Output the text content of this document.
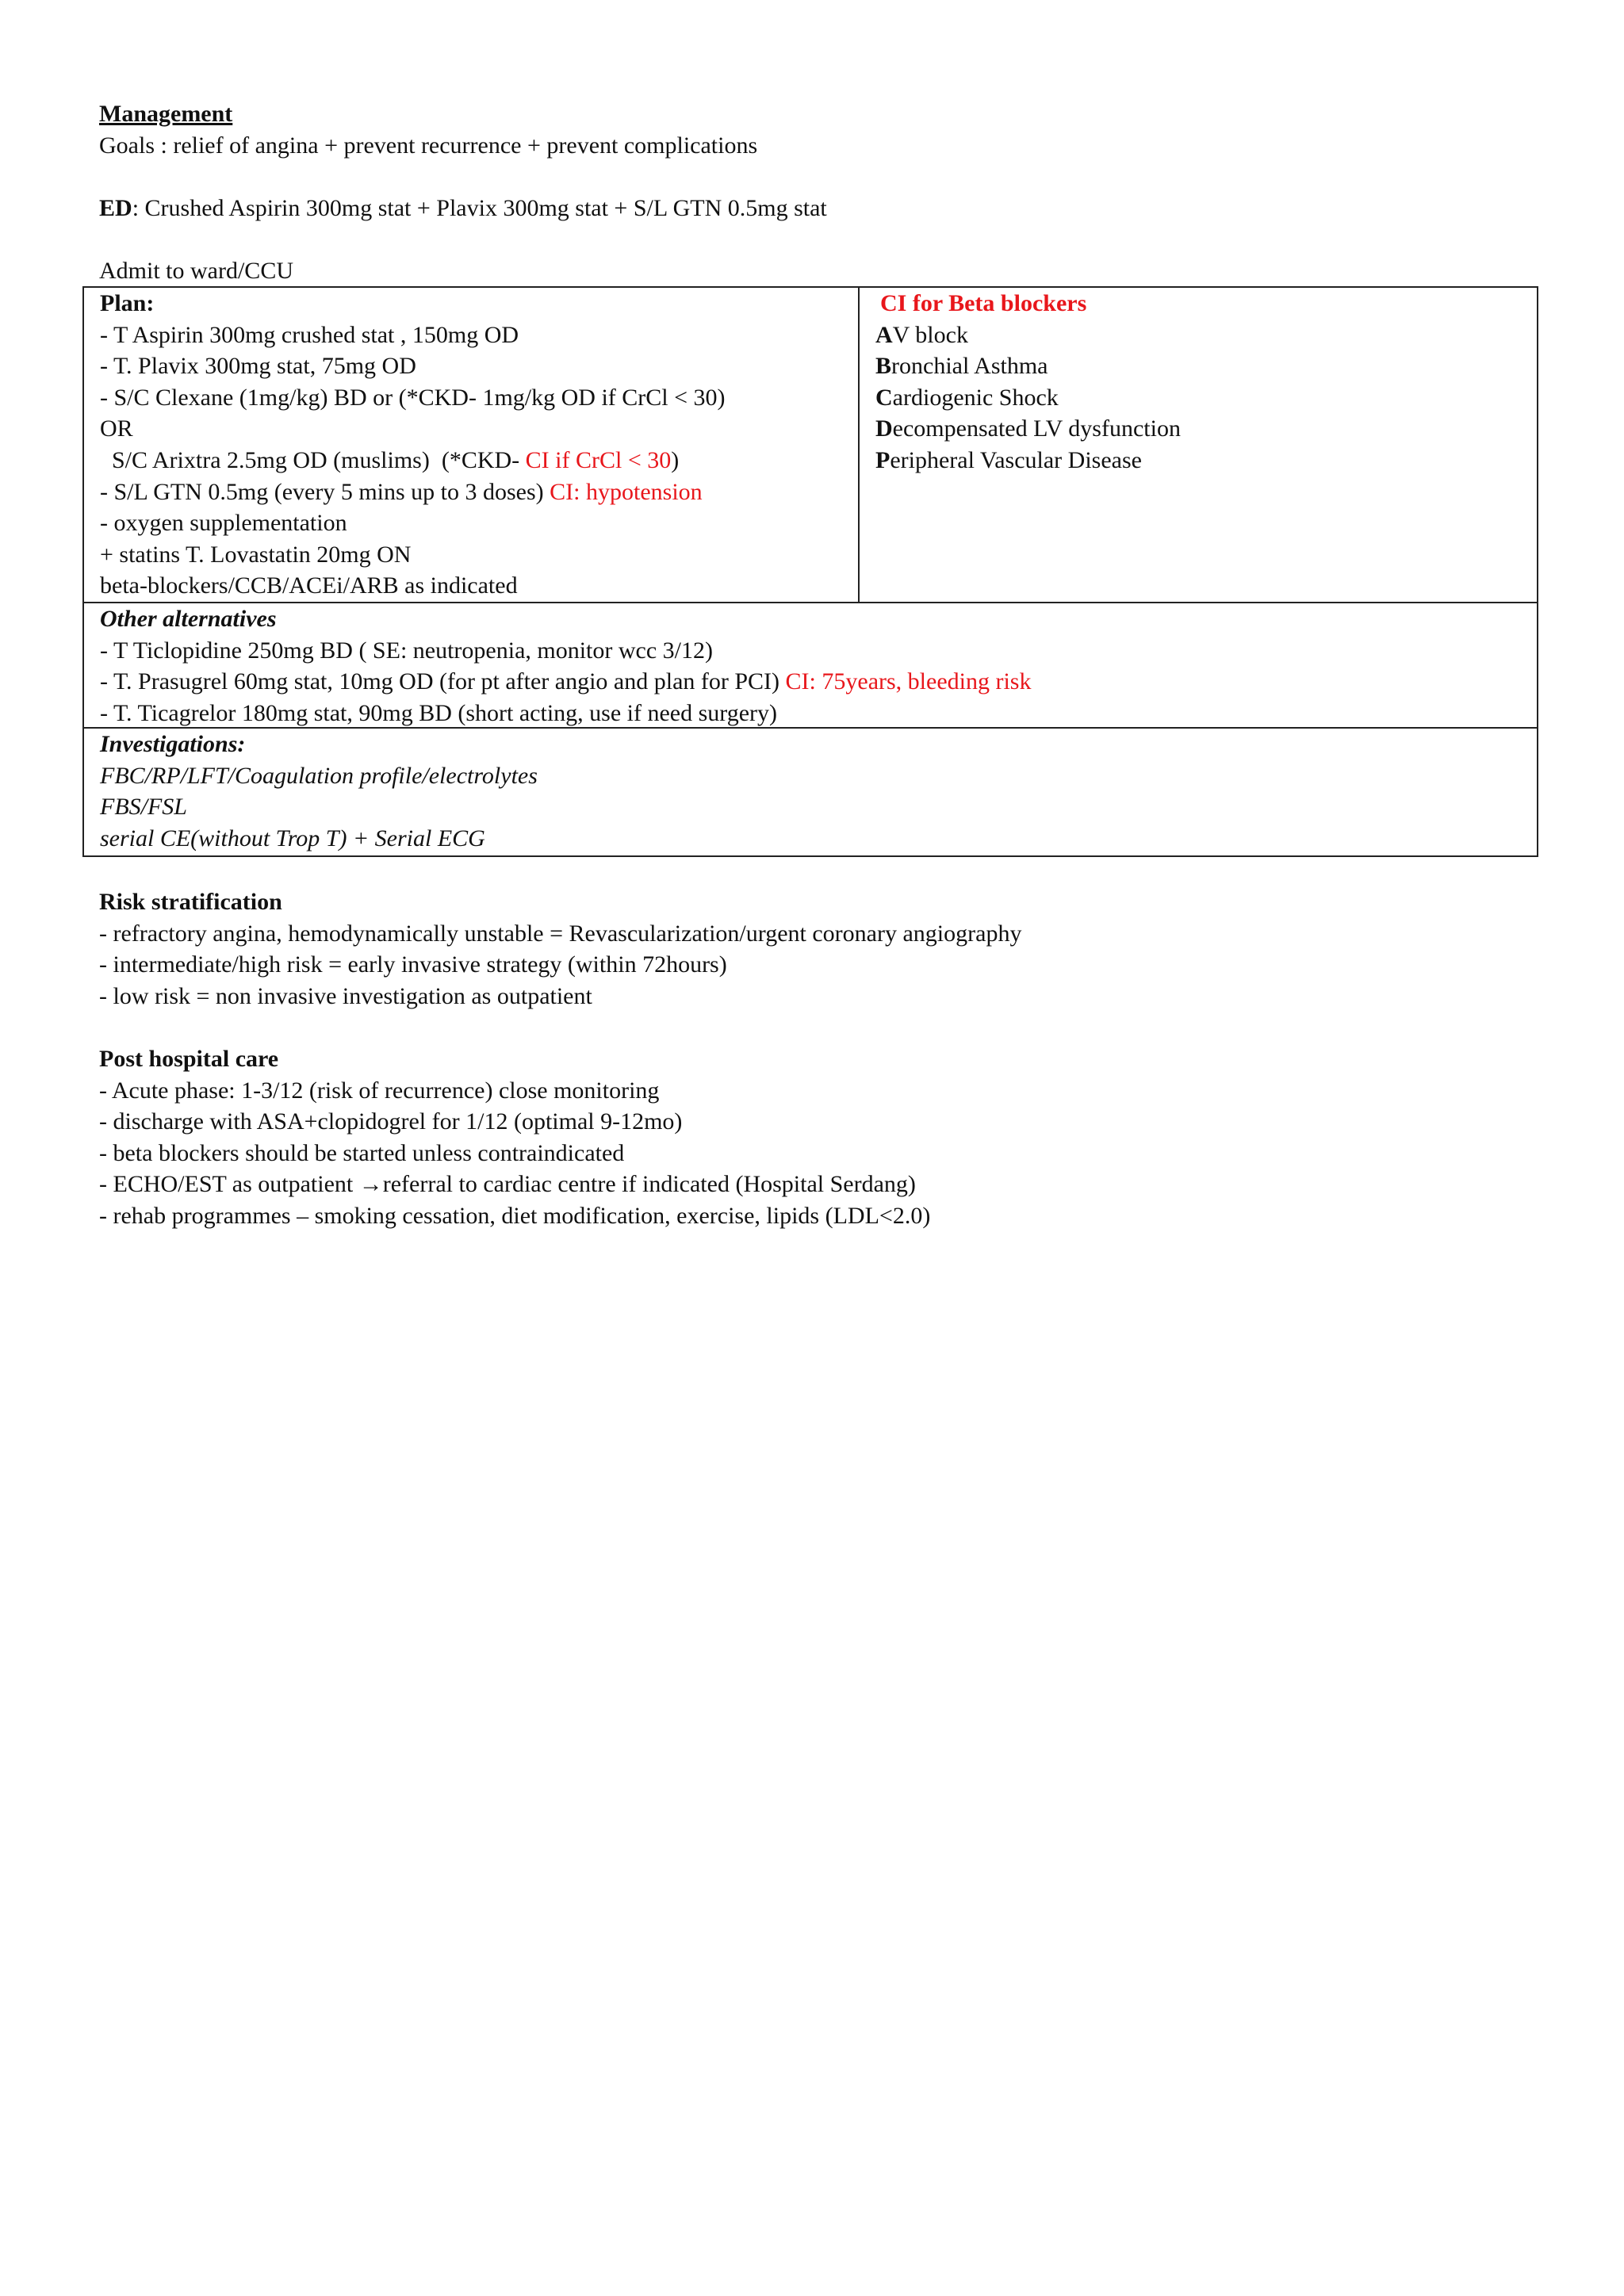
Management

Goals : relief of angina + prevent recurrence + prevent complications

ED: Crushed Aspirin 300mg stat + Plavix 300mg stat + S/L GTN 0.5mg stat

Admit to ward/CCU

Plan:

- T Aspirin 300mg crushed stat , 150mg OD

- T. Plavix 300mg stat, 75mg OD

- S/C Clexane (1mg/kg) BD or (*CKD- 1mg/kg OD if CrCl < 30)

OR

S/C Arixtra 2.5mg OD (muslims)  (*CKD- CI if CrCl < 30)

- S/L GTN 0.5mg (every 5 mins up to 3 doses) CI: hypotension

- oxygen supplementation

+ statins T. Lovastatin 20mg ON

beta-blockers/CCB/ACEi/ARB as indicated

CI for Beta blockers

AV block

Bronchial Asthma

Cardiogenic Shock

Decompensated LV dysfunction

Peripheral Vascular Disease

Other alternatives

- T Ticlopidine 250mg BD ( SE: neutropenia, monitor wcc 3/12)

- T. Prasugrel 60mg stat, 10mg OD (for pt after angio and plan for PCI) CI: 75years, bleeding risk

- T. Ticagrelor 180mg stat, 90mg BD (short acting, use if need surgery)

Investigations:

FBC/RP/LFT/Coagulation profile/electrolytes

FBS/FSL

serial CE(without Trop T) + Serial ECG

Risk stratification

- refractory angina, hemodynamically unstable = Revascularization/urgent coronary angiography

- intermediate/high risk = early invasive strategy (within 72hours)

- low risk = non invasive investigation as outpatient

Post hospital care

- Acute phase: 1-3/12 (risk of recurrence) close monitoring

- discharge with ASA+clopidogrel for 1/12 (optimal 9-12mo)

- beta blockers should be started unless contraindicated

- ECHO/EST as outpatient →referral to cardiac centre if indicated (Hospital Serdang)

- rehab programmes – smoking cessation, diet modification, exercise, lipids (LDL<2.0)
